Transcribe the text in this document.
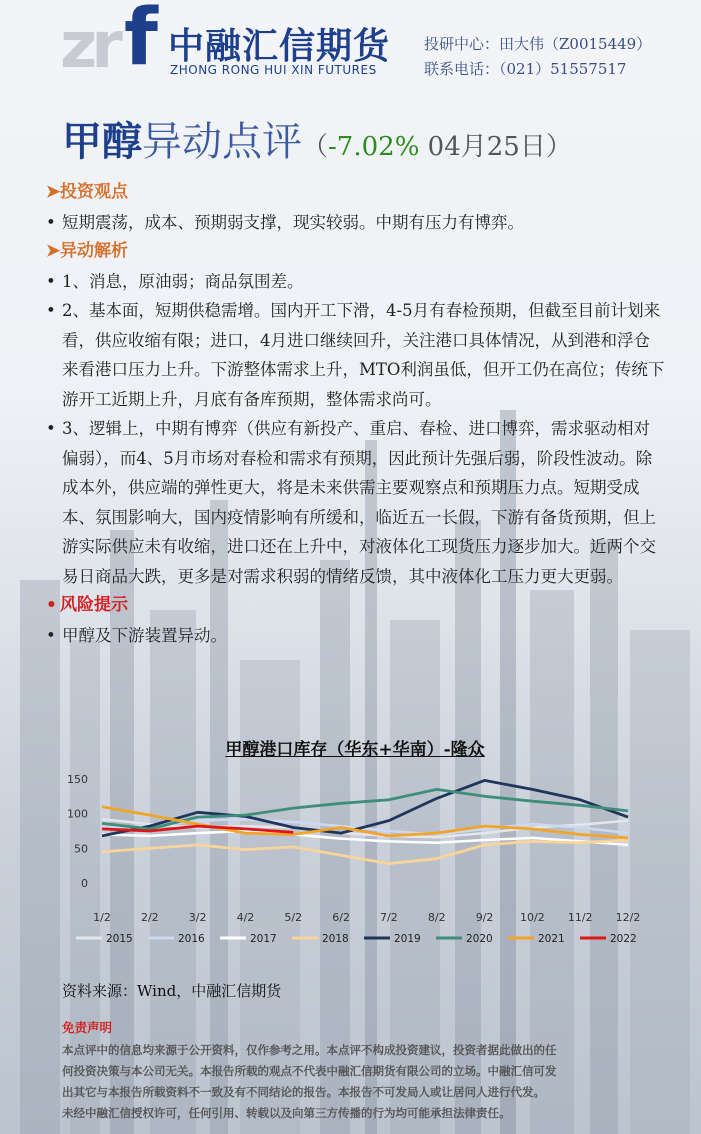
zr f 中融汇信期货
ZHONG RONG HUI XIN FUTURES
投研中心：田大伟（Z0015449）
联系电话：（021）51557517
甲醇异动点评（-7.02% 04月25日）
➤投资观点
• 短期震荡，成本、预期弱支撑，现实较弱。中期有压力有博弈。
➤异动解析
• 1、消息，原油弱；商品氛围差。
• 2、基本面，短期供稳需增。国内开工下滑，4-5月有春检预期，但截至目前计划来看，供应收缩有限；进口，4月进口继续回升，关注港口具体情况，从到港和浮仓来看港口压力上升。下游整体需求上升，MTO利润虽低，但开工仍在高位；传统下游开工近期上升，月底有备库预期，整体需求尚可。
• 3、逻辑上，中期有博弈（供应有新投产、重启、春检、进口博弈，需求驱动相对偏弱），而4、5月市场对春检和需求有预期，因此预计先强后弱，阶段性波动。除成本外，供应端的弹性更大，将是未来供需主要观察点和预期压力点。短期受成本、氛围影响大，国内疫情影响有所缓和，临近五一长假，下游有备货预期，但上游实际供应未有收缩，进口还在上升中，对液体化工现货压力逐步加大。近两个交易日商品大跌，更多是对需求积弱的情绪反馈，其中液体化工压力更大更弱。
• 风险提示
• 甲醇及下游装置异动。
甲醇港口库存（华东+华南）-隆众
0
50
100
150
1/2	2/2	3/2	4/2	5/2	6/2	7/2	8/2	9/2 10/2 11/2 12/2
2015	2016	2017	2018	2019	2020	2021	2022
资料来源：Wind，中融汇信期货
免责声明
本点评中的信息均来源于公开资料，仅作参考之用。本点评不构成投资建议，投资者据此做出的任
何投资决策与本公司无关。本报告所载的观点不代表中融汇信期货有限公司的立场。中融汇信可发
出其它与本报告所载资料不一致及有不同结论的报告。本报告不可发局人或让居问人进行代发。
未经中融汇信授权许可，任何引用、转载以及向第三方传播的行为均可能承担法律责任。
